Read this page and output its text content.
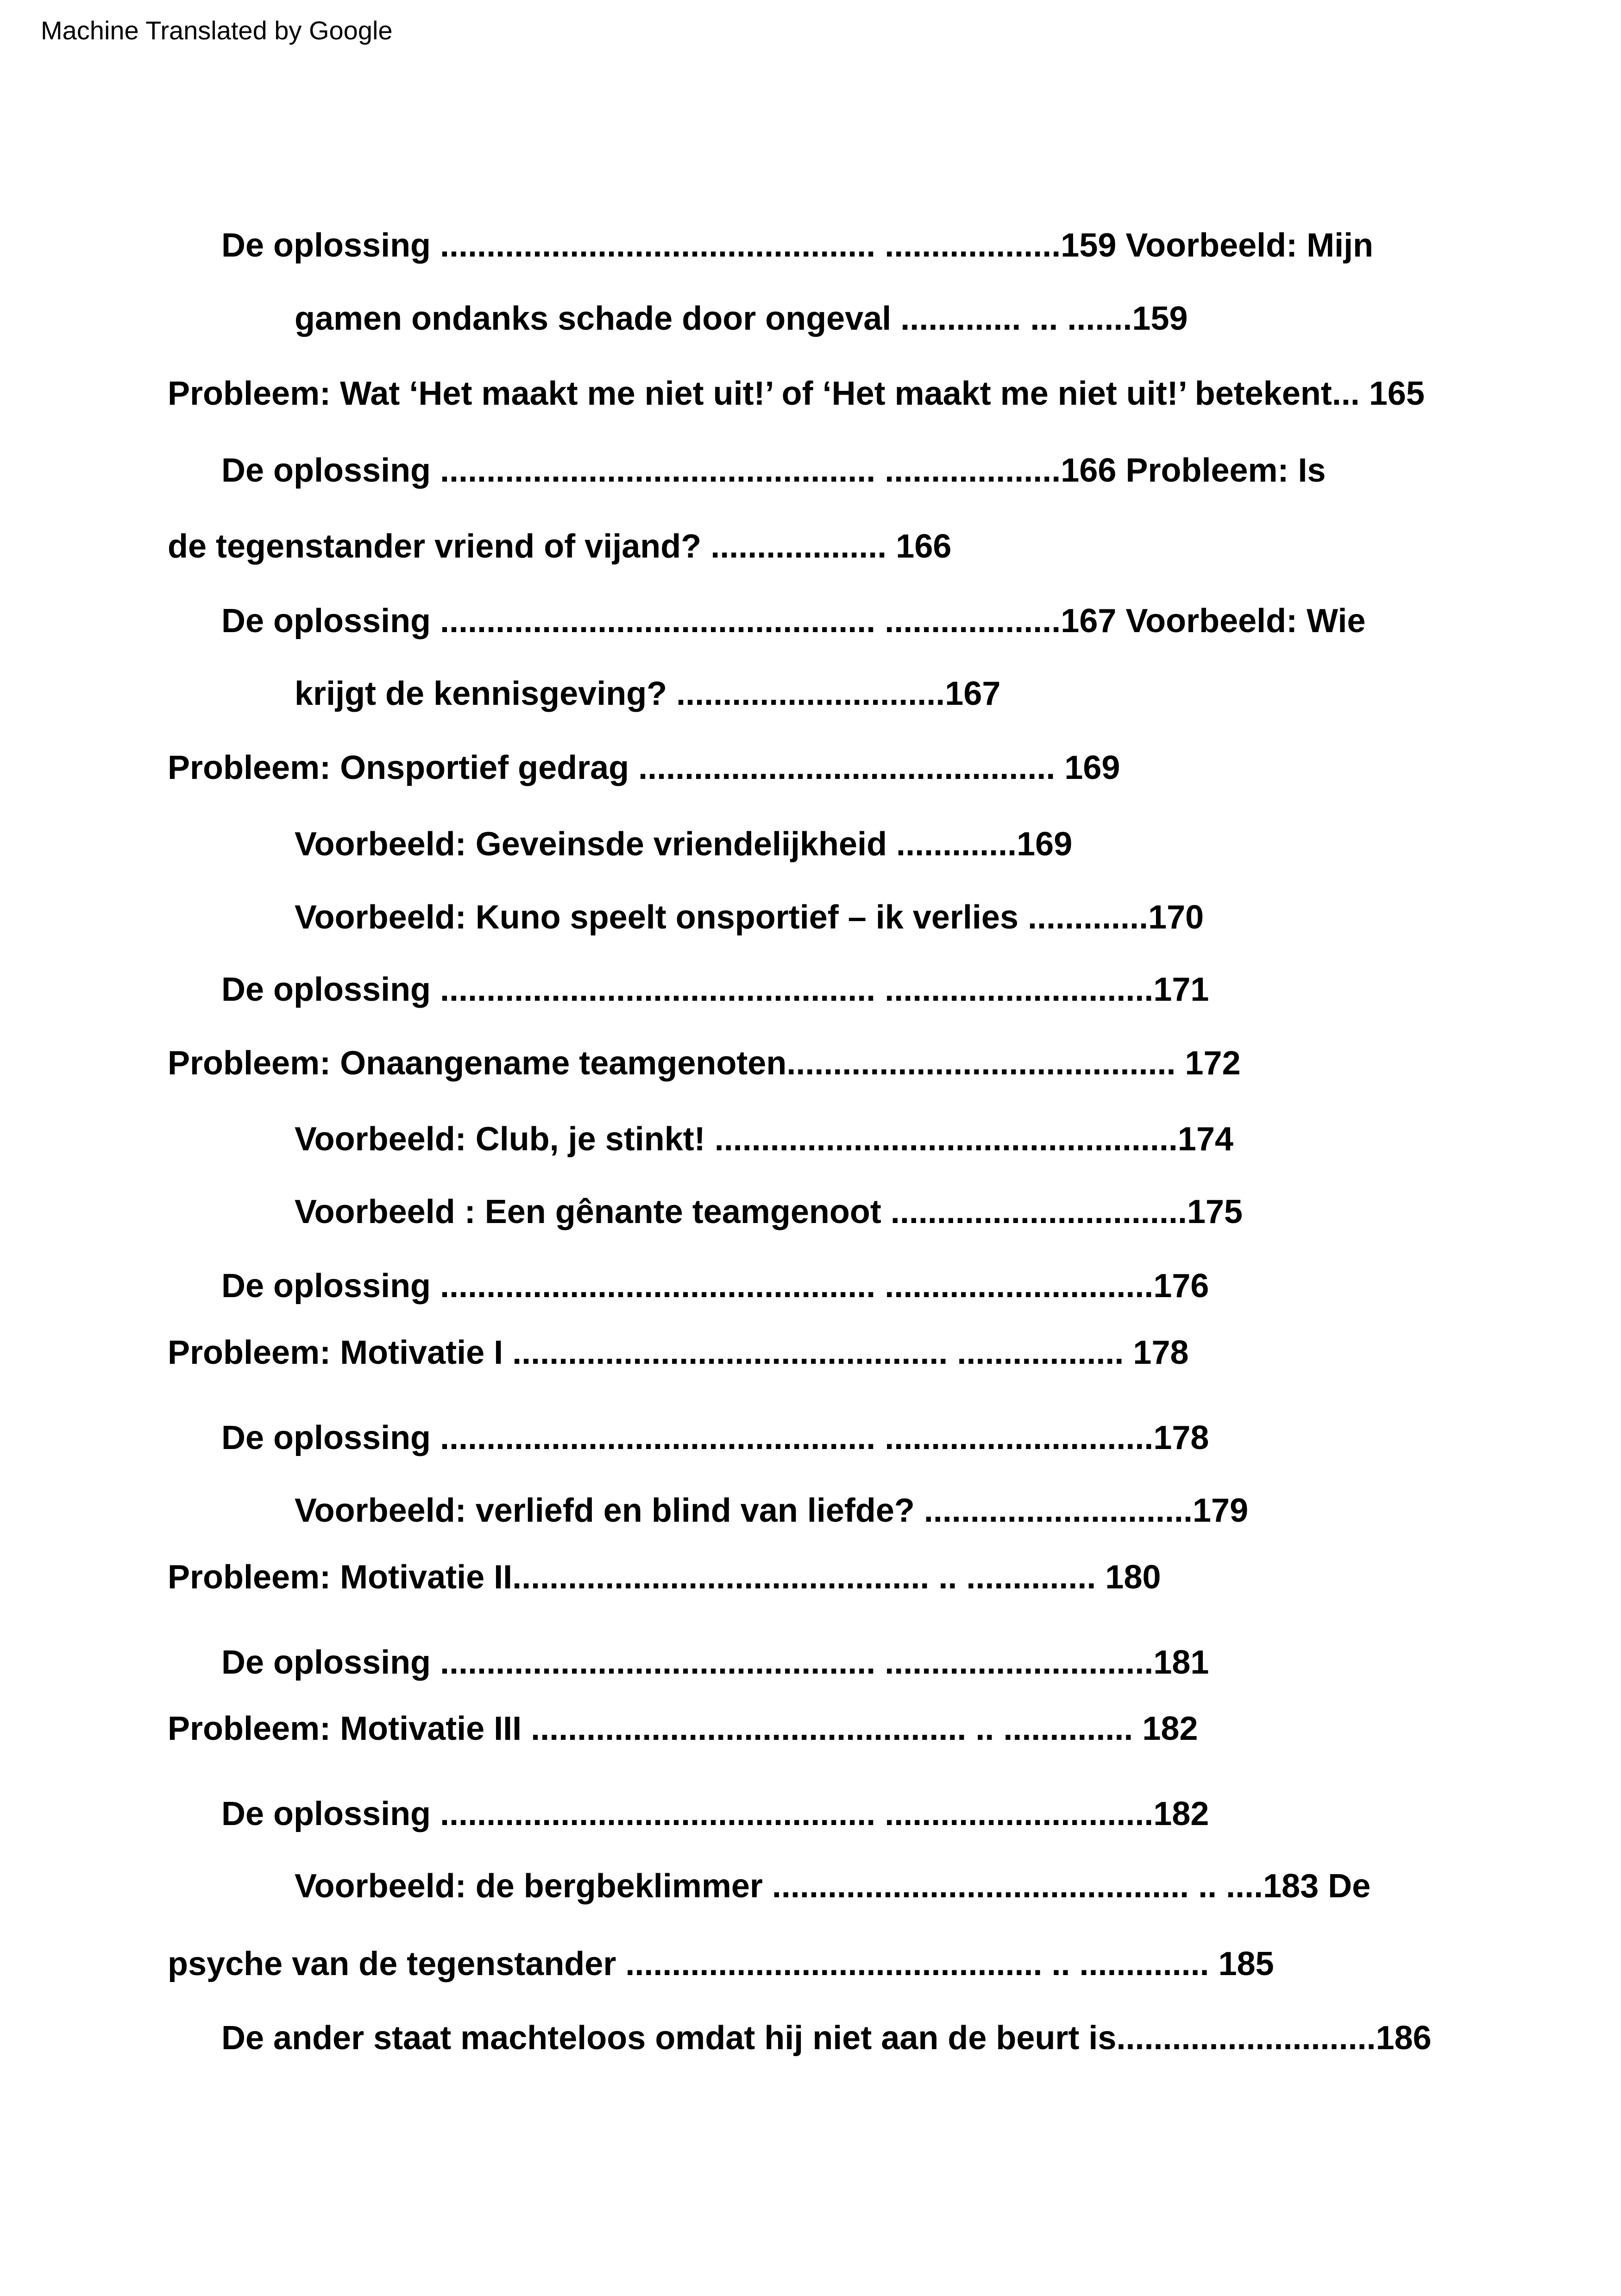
Machine Translated by Google
De oplossing ............................................... ...................159 Voorbeeld: Mijn
gamen ondanks schade door ongeval ............. ... .......159
Probleem: Wat ‘Het maakt me niet uit!’ of ‘Het maakt me niet uit!’ betekent... 165
De oplossing ............................................... ...................166 Probleem: Is
de tegenstander vriend of vijand? ................... 166
De oplossing ............................................... ...................167 Voorbeeld: Wie
krijgt de kennisgeving? .............................167
Probleem: Onsportief gedrag ............................................. 169
Voorbeeld: Geveinsde vriendelijkheid .............169
Voorbeeld: Kuno speelt onsportief – ik verlies .............170
De oplossing ............................................... .............................171
Probleem: Onaangename teamgenoten.......................................... 172
Voorbeeld: Club, je stinkt! ..................................................174
Voorbeeld : Een gênante teamgenoot ................................175
De oplossing ............................................... .............................176
Probleem: Motivatie I ............................................... .................. 178
De oplossing ............................................... .............................178
Voorbeeld: verliefd en blind van liefde? .............................179
Probleem: Motivatie II............................................. .. .............. 180
De oplossing ............................................... .............................181
Probleem: Motivatie III ............................................... .. .............. 182
De oplossing ............................................... .............................182
Voorbeeld: de bergbeklimmer ............................................. .. ....183 De
psyche van de tegenstander ............................................. .. .............. 185
De ander staat machteloos omdat hij niet aan de beurt is............................186
